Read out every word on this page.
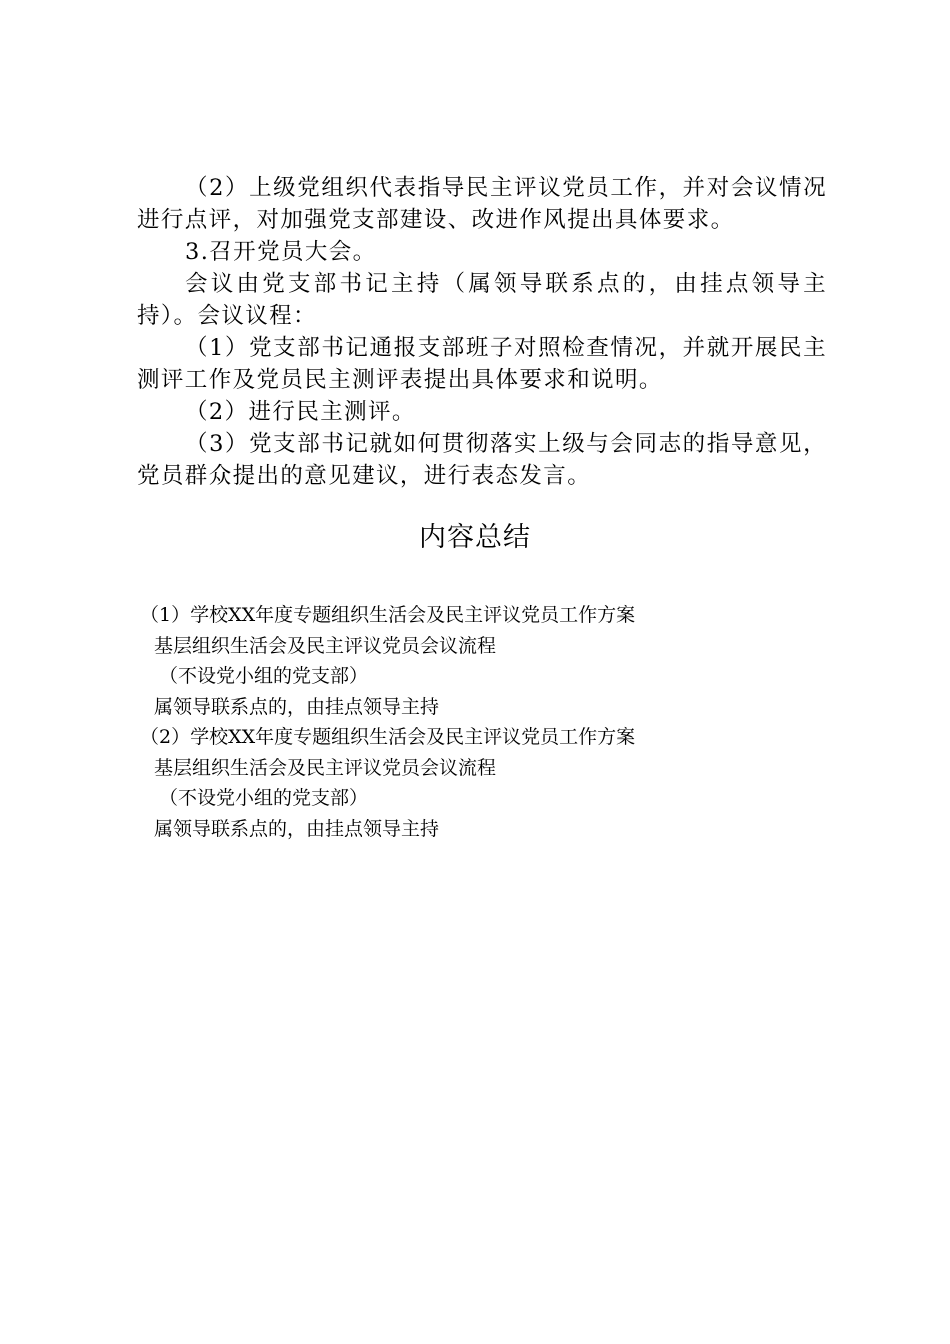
（2）上级党组织代表指导民主评议党员工作，并对会议情况进行点评，对加强党支部建设、改进作风提出具体要求。

3.召开党员大会。

会议由党支部书记主持（属领导联系点的，由挂点领导主持）。会议议程：

（1）党支部书记通报支部班子对照检查情况，并就开展民主测评工作及党员民主测评表提出具体要求和说明。

（2）进行民主测评。

（3）党支部书记就如何贯彻落实上级与会同志的指导意见，党员群众提出的意见建议，进行表态发言。

内容总结
（1）学校XX年度专题组织生活会及民主评议党员工作方案
基层组织生活会及民主评议党员会议流程
（不设党小组的党支部）
属领导联系点的，由挂点领导主持
（2）学校XX年度专题组织生活会及民主评议党员工作方案
基层组织生活会及民主评议党员会议流程
（不设党小组的党支部）
属领导联系点的，由挂点领导主持
